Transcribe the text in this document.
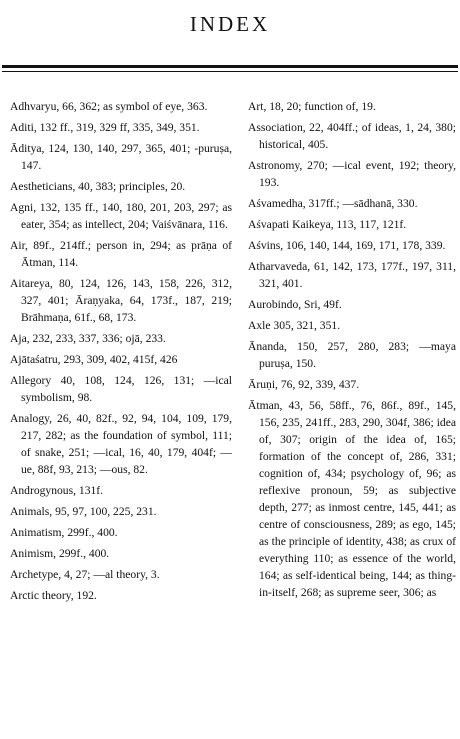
INDEX

Adhvaryu, 66, 362; as symbol of eye, 363.

Aditi, 132 ff., 319, 329 ff, 335, 349, 351.

Āditya, 124, 130, 140, 297, 365, 401; -puruṣa, 147.

Aestheticians, 40, 383; principles, 20.

Agni, 132, 135 ff., 140, 180, 201, 203, 297; as eater, 354; as intellect, 204; Vaiśvānara, 116.

Air, 89f., 214ff.; person in, 294; as prāṇa of Ātman, 114.

Aitareya, 80, 124, 126, 143, 158, 226, 312, 327, 401; Āraṇyaka, 64, 173f., 187, 219; Brāhmaṇa, 61f., 68, 173.

Aja, 232, 233, 337, 336; ojā, 233.

Ajātaśatru, 293, 309, 402, 415f, 426

Allegory 40, 108, 124, 126, 131; —ical symbolism, 98.

Analogy, 26, 40, 82f., 92, 94, 104, 109, 179, 217, 282; as the foundation of symbol, 111; of snake, 251; —ical, 16, 40, 179, 404f; —ue, 88f, 93, 213; —ous, 82.

Androgynous, 131f.

Animals, 95, 97, 100, 225, 231.

Animatism, 299f., 400.

Animism, 299f., 400.

Archetype, 4, 27; —al theory, 3.

Arctic theory, 192.

Art, 18, 20; function of, 19.

Association, 22, 404ff.; of ideas, 1, 24, 380; historical, 405.

Astronomy, 270; —ical event, 192; theory, 193.

Aśvamedha, 317ff.; —sādhanā, 330.

Aśvapati Kaikeya, 113, 117, 121f.

Aśvins, 106, 140, 144, 169, 171, 178, 339.

Atharvaveda, 61, 142, 173, 177f., 197, 311, 321, 401.

Aurobindo, Sri, 49f.

Axle 305, 321, 351.

Ānanda, 150, 257, 280, 283; —maya puruṣa, 150.

Āruṇi, 76, 92, 339, 437.

Ātman, 43, 56, 58ff., 76, 86f., 89f., 145, 156, 235, 241ff., 283, 290, 304f, 386; idea of, 307; origin of the idea of, 165; formation of the concept of, 286, 331; cognition of, 434; psychology of, 96; as reflexive pronoun, 59; as subjective depth, 277; as inmost centre, 145, 441; as centre of consciousness, 289; as ego, 145; as the principle of identity, 438; as crux of everything 110; as essence of the world, 164; as self-identical being, 144; as thing-in-itself, 268; as supreme seer, 306; as
